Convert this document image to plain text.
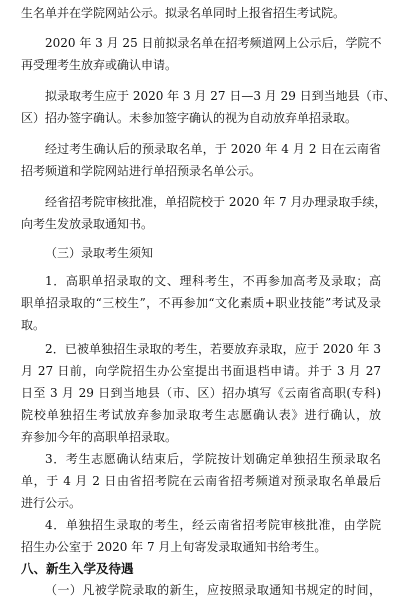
生名单并在学院网站公示。拟录名单同时上报省招生考试院。
2020 年 3 月 25 日前拟录名单在招考频道网上公示后，学院不
再受理考生放弃或确认申请。
拟录取考生应于 2020 年 3 月 27 日—3 月 29 日到当地县（市、
区）招办签字确认。未参加签字确认的视为自动放弃单招录取。
经过考生确认后的预录取名单，于 2020 年 4 月 2 日在云南省
招考频道和学院网站进行单招预录名单公示。
经省招考院审核批准，单招院校于 2020 年 7 月办理录取手续，
向考生发放录取通知书。
（三）录取考生须知
1．高职单招录取的文、理科考生，不再参加高考及录取；高
职单招录取的“三校生”，不再参加“文化素质+职业技能”考试及录
取。
2．已被单独招生录取的考生，若要放弃录取，应于 2020 年 3
月 27 日前，向学院招生办公室提出书面退档申请。并于 3 月 27
日至 3 月 29 日到当地县（市、区）招办填写《云南省高职(专科)
院校单独招生考试放弃参加录取考生志愿确认表》进行确认，放
弃参加今年的高职单招录取。
3．考生志愿确认结束后，学院按计划确定单独招生预录取名
单，于 4 月 2 日由省招考院在云南省招考频道对预录取名单最后
进行公示。
4．单独招生录取的考生，经云南省招考院审核批准，由学院
招生办公室于 2020 年 7 月上旬寄发录取通知书给考生。
八、新生入学及待遇
（一）凡被学院录取的新生，应按照录取通知书规定的时间，
